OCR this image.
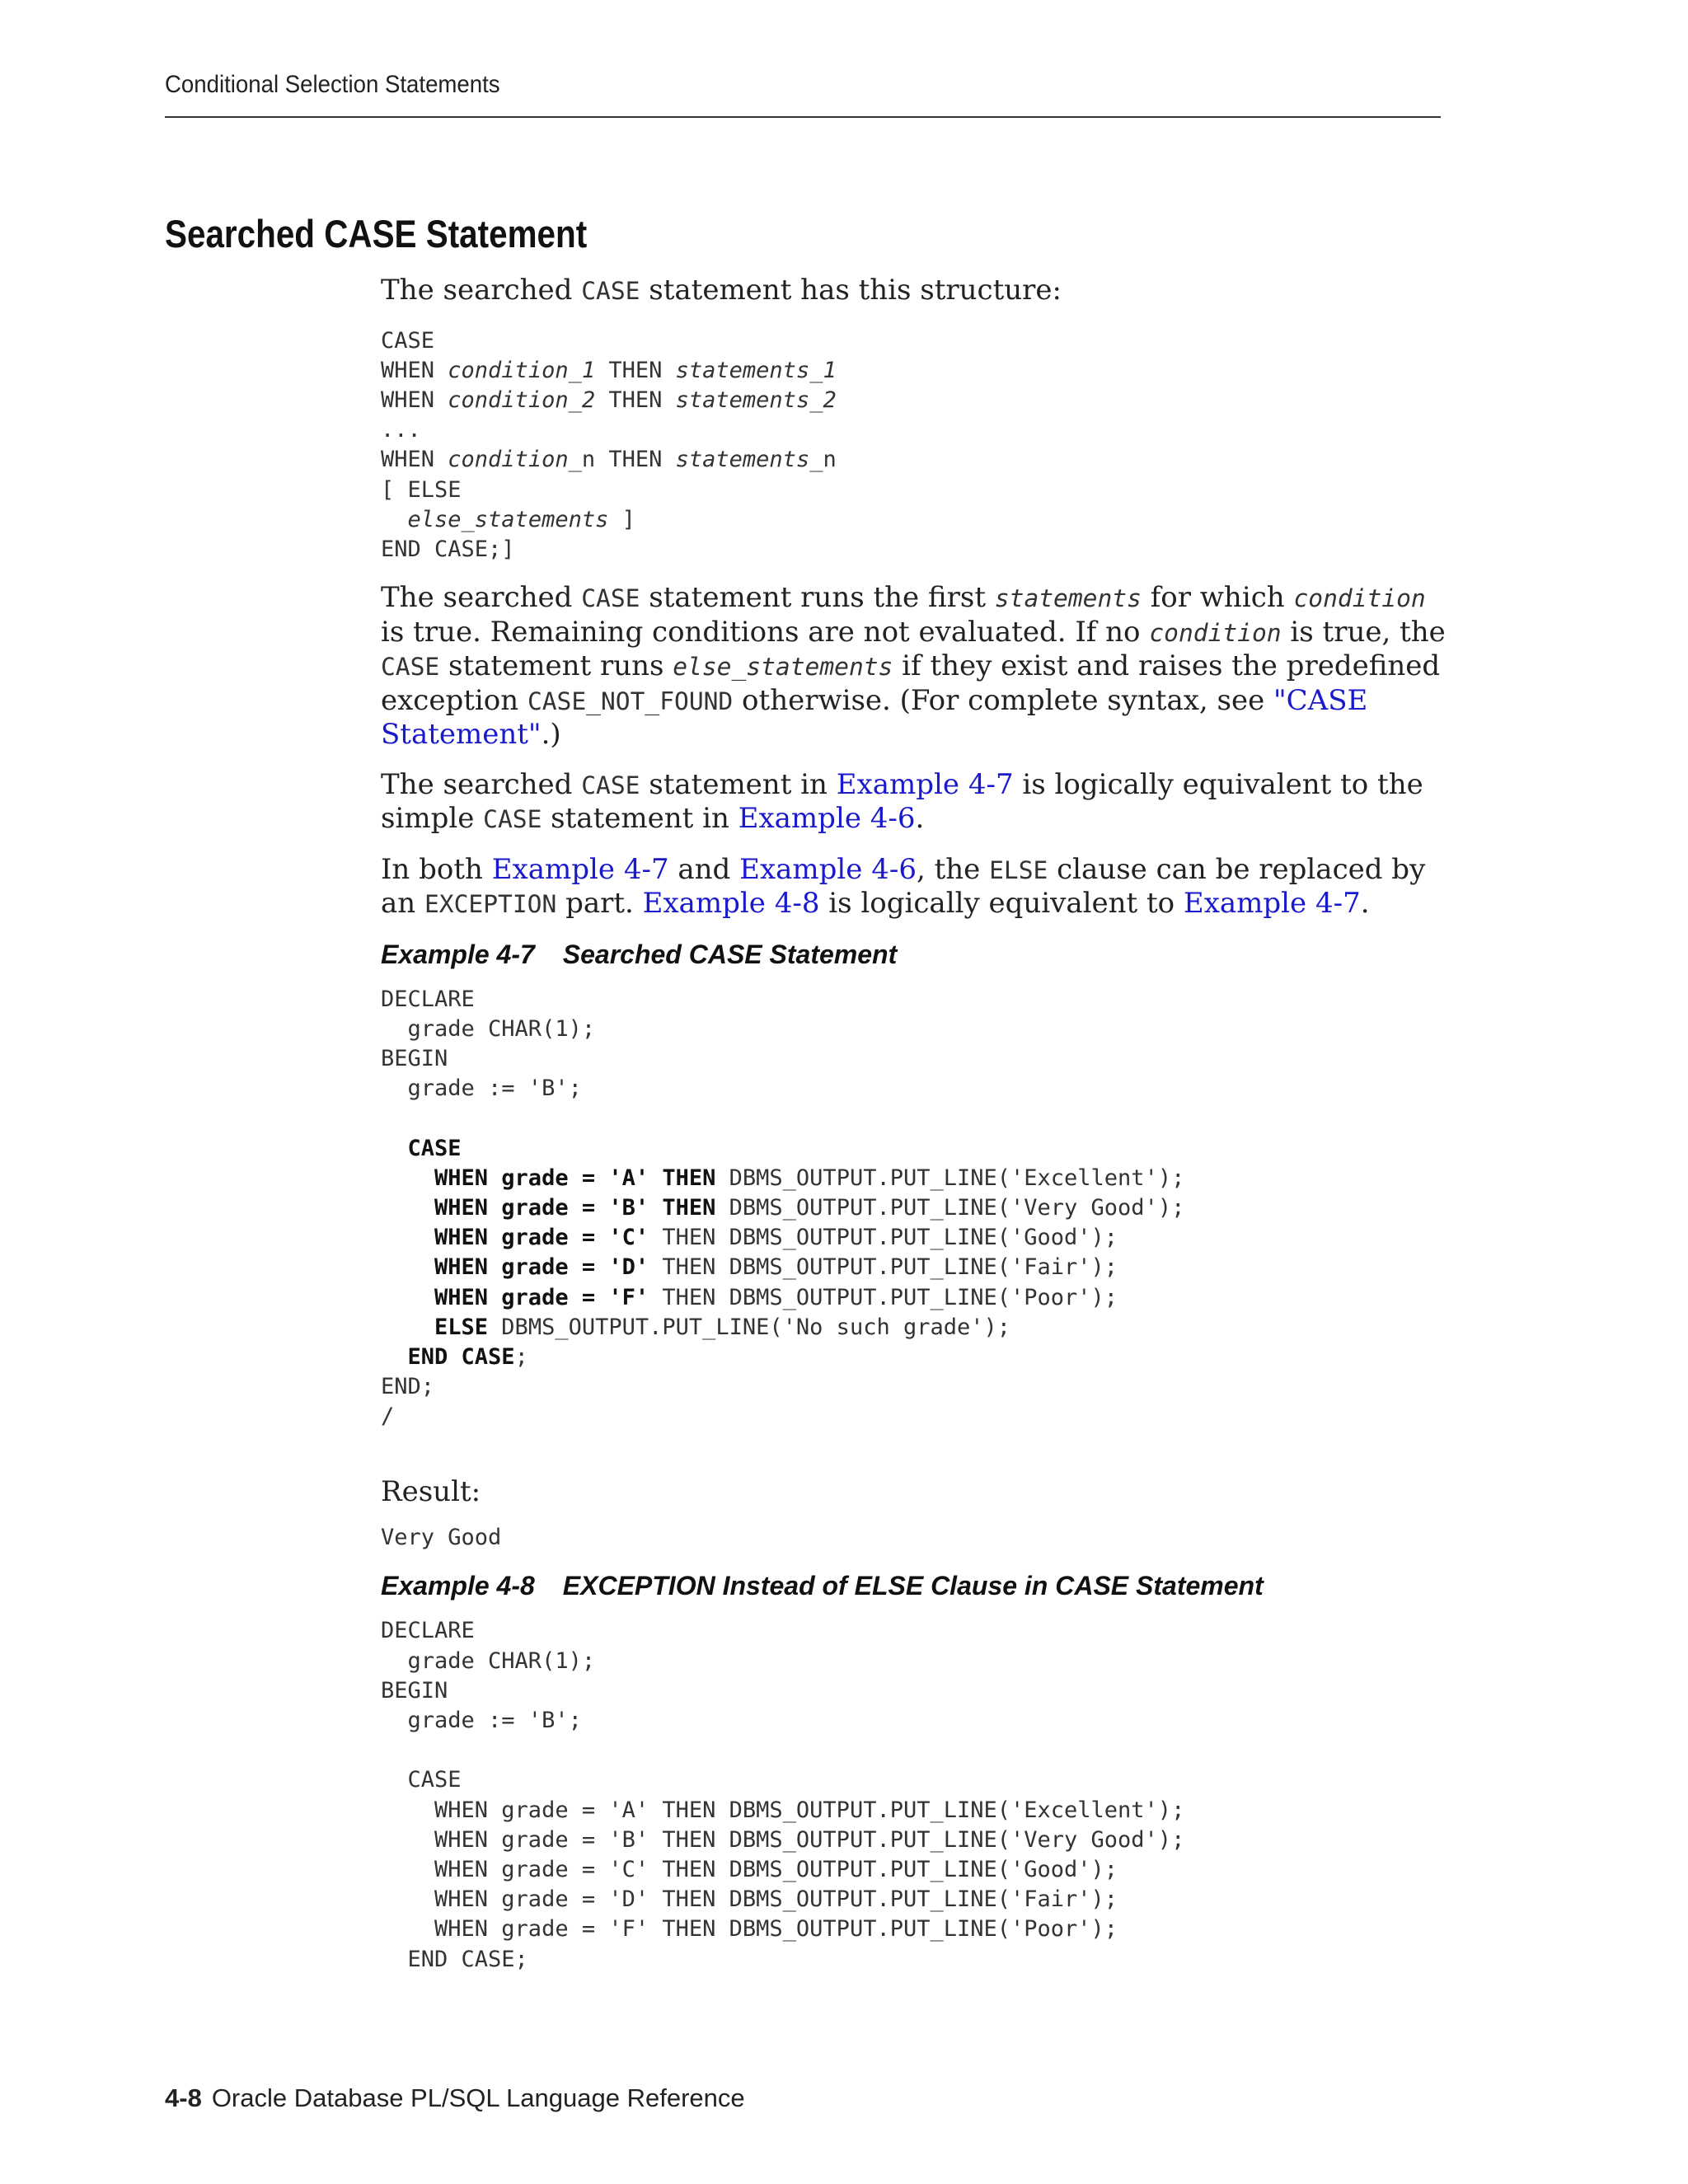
Conditional Selection Statements
Searched CASE Statement

The searched CASE statement has this structure:

CASE
WHEN condition_1 THEN statements_1
WHEN condition_2 THEN statements_2
...
WHEN condition_n THEN statements_n
[ ELSE
else_statements ]
END CASE;]

The searched CASE statement runs the first statements for which condition is true. Remaining conditions are not evaluated. If no condition is true, the CASE statement runs else_statements if they exist and raises the predefined exception CASE_NOT_FOUND otherwise. (For complete syntax, see "CASE Statement".)

The searched CASE statement in Example 4-7 is logically equivalent to the simple CASE statement in Example 4-6.

In both Example 4-7 and Example 4-6, the ELSE clause can be replaced by an EXCEPTION part. Example 4-8 is logically equivalent to Example 4-7.

Example 4-7 Searched CASE Statement
DECLARE
grade CHAR(1);
BEGIN
grade := 'B';

CASE
WHEN grade = 'A' THEN DBMS_OUTPUT.PUT_LINE('Excellent');
WHEN grade = 'B' THEN DBMS_OUTPUT.PUT_LINE('Very Good');
WHEN grade = 'C' THEN DBMS_OUTPUT.PUT_LINE('Good');
WHEN grade = 'D' THEN DBMS_OUTPUT.PUT_LINE('Fair');
WHEN grade = 'F' THEN DBMS_OUTPUT.PUT_LINE('Poor');
ELSE DBMS_OUTPUT.PUT_LINE('No such grade');
END CASE;
END;
/

Result:

Very Good
Example 4-8 EXCEPTION Instead of ELSE Clause in CASE Statement
DECLARE
grade CHAR(1);
BEGIN
grade := 'B';

CASE
WHEN grade = 'A' THEN DBMS_OUTPUT.PUT_LINE('Excellent');
WHEN grade = 'B' THEN DBMS_OUTPUT.PUT_LINE('Very Good');
WHEN grade = 'C' THEN DBMS_OUTPUT.PUT_LINE('Good');
WHEN grade = 'D' THEN DBMS_OUTPUT.PUT_LINE('Fair');
WHEN grade = 'F' THEN DBMS_OUTPUT.PUT_LINE('Poor');
END CASE;
4-8 Oracle Database PL/SQL Language Reference
